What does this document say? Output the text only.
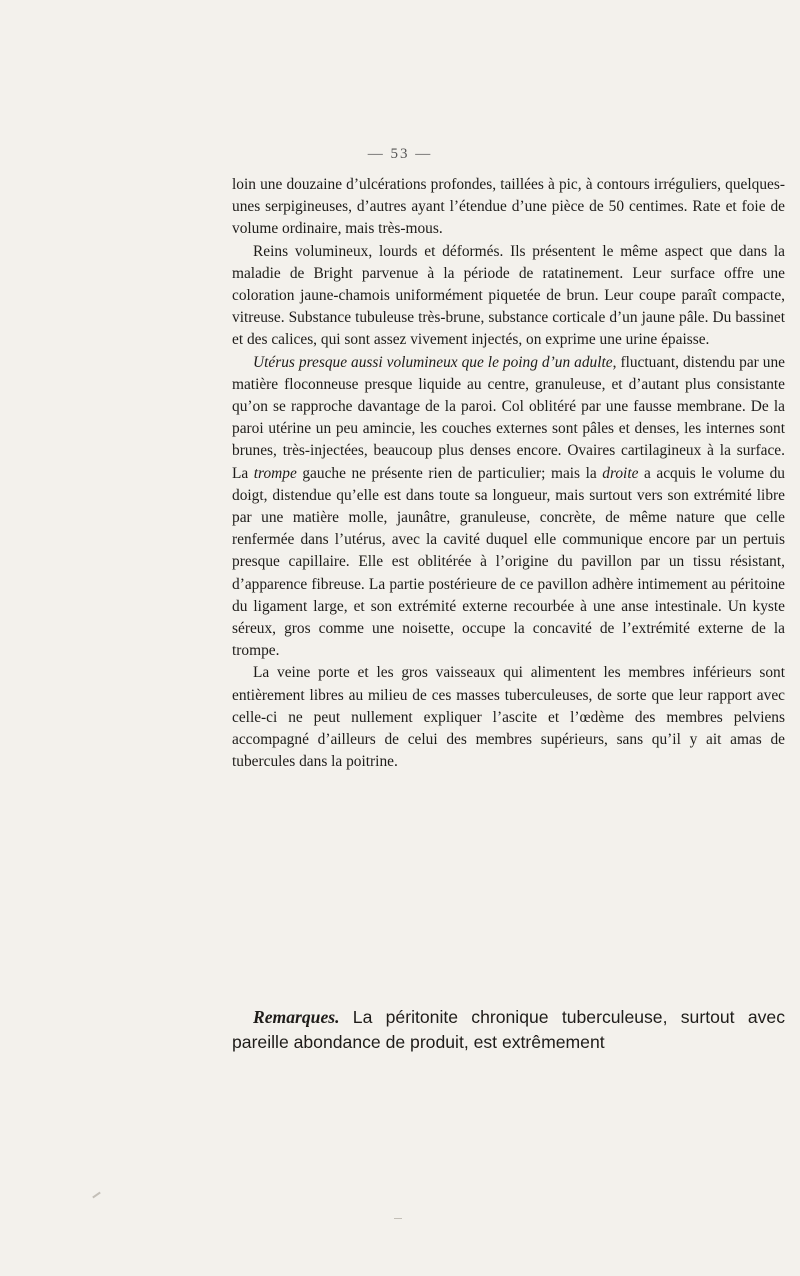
— 53 —

loin une douzaine d’ulcérations profondes, taillées à pic, à contours irréguliers, quelques-unes serpigineuses, d’autres ayant l’étendue d’une pièce de 50 centimes. Rate et foie de volume ordinaire, mais très-mous.

Reins volumineux, lourds et déformés. Ils présentent le même aspect que dans la maladie de Bright parvenue à la période de ratatinement. Leur surface offre une coloration jaune-chamois uniformément piquetée de brun. Leur coupe paraît compacte, vitreuse. Substance tubuleuse très-brune, substance corticale d’un jaune pâle. Du bassinet et des calices, qui sont assez vivement injectés, on exprime une urine épaisse.

Utérus presque aussi volumineux que le poing d’un adulte, fluctuant, distendu par une matière floconneuse presque liquide au centre, granuleuse, et d’autant plus consistante qu’on se rapproche davantage de la paroi. Col oblitéré par une fausse membrane. De la paroi utérine un peu amincie, les couches externes sont pâles et denses, les internes sont brunes, très-injectées, beaucoup plus denses encore. Ovaires cartilagineux à la surface. La trompe gauche ne présente rien de particulier; mais la droite a acquis le volume du doigt, distendue qu’elle est dans toute sa longueur, mais surtout vers son extrémité libre par une matière molle, jaunâtre, granuleuse, concrète, de même nature que celle renfermée dans l’utérus, avec la cavité duquel elle communique encore par un pertuis presque capillaire. Elle est oblitérée à l’origine du pavillon par un tissu résistant, d’apparence fibreuse. La partie postérieure de ce pavillon adhère intimement au péritoine du ligament large, et son extrémité externe recourbée à une anse intestinale. Un kyste séreux, gros comme une noisette, occupe la concavité de l’extrémité externe de la trompe.

La veine porte et les gros vaisseaux qui alimentent les membres inférieurs sont entièrement libres au milieu de ces masses tuberculeuses, de sorte que leur rapport avec celle-ci ne peut nullement expliquer l’ascite et l’œdème des membres pelviens accompagné d’ailleurs de celui des membres supérieurs, sans qu’il y ait amas de tubercules dans la poitrine.

Remarques. La péritonite chronique tuberculeuse, surtout avec pareille abondance de produit, est extrêmement
